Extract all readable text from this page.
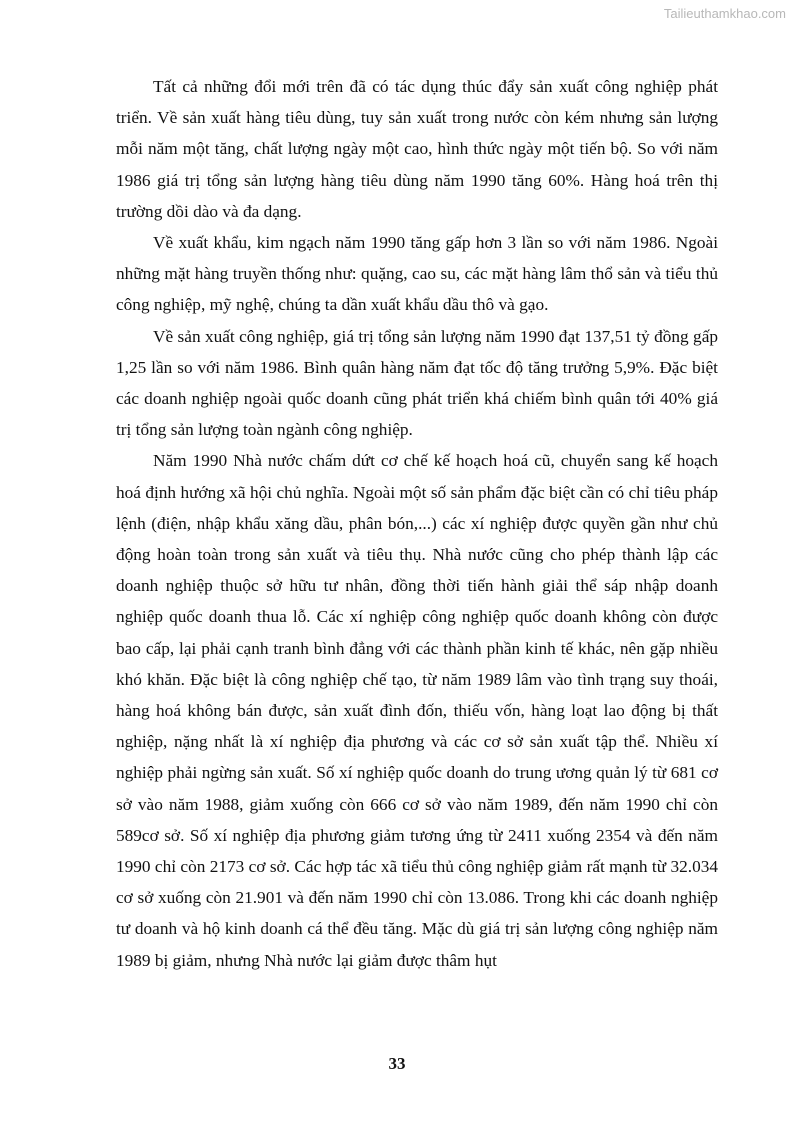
Tailieuthamkhao.com

Tất cả những đổi mới trên đã có tác dụng thúc đẩy sản xuất công nghiệp phát triển. Về sản xuất hàng tiêu dùng, tuy sản xuất trong nước còn kém nhưng sản lượng mỗi năm một tăng, chất lượng ngày một cao, hình thức ngày một tiến bộ. So với năm 1986 giá trị tổng sản lượng hàng tiêu dùng năm 1990 tăng 60%. Hàng hoá trên thị trường dồi dào và đa dạng.

Về xuất khẩu, kim ngạch năm 1990 tăng gấp hơn 3 lần so với năm 1986. Ngoài những mặt hàng truyền thống như: quặng, cao su, các mặt hàng lâm thổ sản và tiểu thủ công nghiệp, mỹ nghệ, chúng ta dần xuất khẩu dầu thô và gạo.

Về sản xuất công nghiệp, giá trị tổng sản lượng năm 1990 đạt 137,51 tỷ đồng gấp 1,25 lần so với năm 1986. Bình quân hàng năm đạt tốc độ tăng trưởng 5,9%. Đặc biệt các doanh nghiệp ngoài quốc doanh cũng phát triển khá chiếm bình quân tới 40% giá trị tổng sản lượng toàn ngành công nghiệp.

Năm 1990 Nhà nước chấm dứt cơ chế kế hoạch hoá cũ, chuyển sang kế hoạch hoá định hướng xã hội chủ nghĩa. Ngoài một số sản phẩm đặc biệt cần có chỉ tiêu pháp lệnh (điện, nhập khẩu xăng dầu, phân bón,...) các xí nghiệp được quyền gần như chủ động hoàn toàn trong sản xuất và tiêu thụ. Nhà nước cũng cho phép thành lập các doanh nghiệp thuộc sở hữu tư nhân, đồng thời tiến hành giải thể sáp nhập doanh nghiệp quốc doanh thua lỗ. Các xí nghiệp công nghiệp quốc doanh không còn được bao cấp, lại phải cạnh tranh bình đẳng với các thành phần kinh tế khác, nên gặp nhiều khó khăn. Đặc biệt là công nghiệp chế tạo, từ năm 1989 lâm vào tình trạng suy thoái, hàng hoá không bán được, sản xuất đình đốn, thiếu vốn, hàng loạt lao động bị thất nghiệp, nặng nhất là xí nghiệp địa phương và các cơ sở sản xuất tập thể. Nhiều xí nghiệp phải ngừng sản xuất. Số xí nghiệp quốc doanh do trung ương quản lý từ 681 cơ sở vào năm 1988, giảm xuống còn 666 cơ sở vào năm 1989, đến năm 1990 chỉ còn 589cơ sở. Số xí nghiệp địa phương giảm tương ứng từ 2411 xuống 2354 và đến năm 1990 chỉ còn 2173 cơ sở. Các hợp tác xã tiểu thủ công nghiệp giảm rất mạnh từ 32.034 cơ sở xuống còn 21.901 và đến năm 1990 chỉ còn 13.086. Trong khi các doanh nghiệp tư doanh và hộ kinh doanh cá thể đều tăng. Mặc dù giá trị sản lượng công nghiệp năm 1989 bị giảm, nhưng Nhà nước lại giảm được thâm hụt

33
